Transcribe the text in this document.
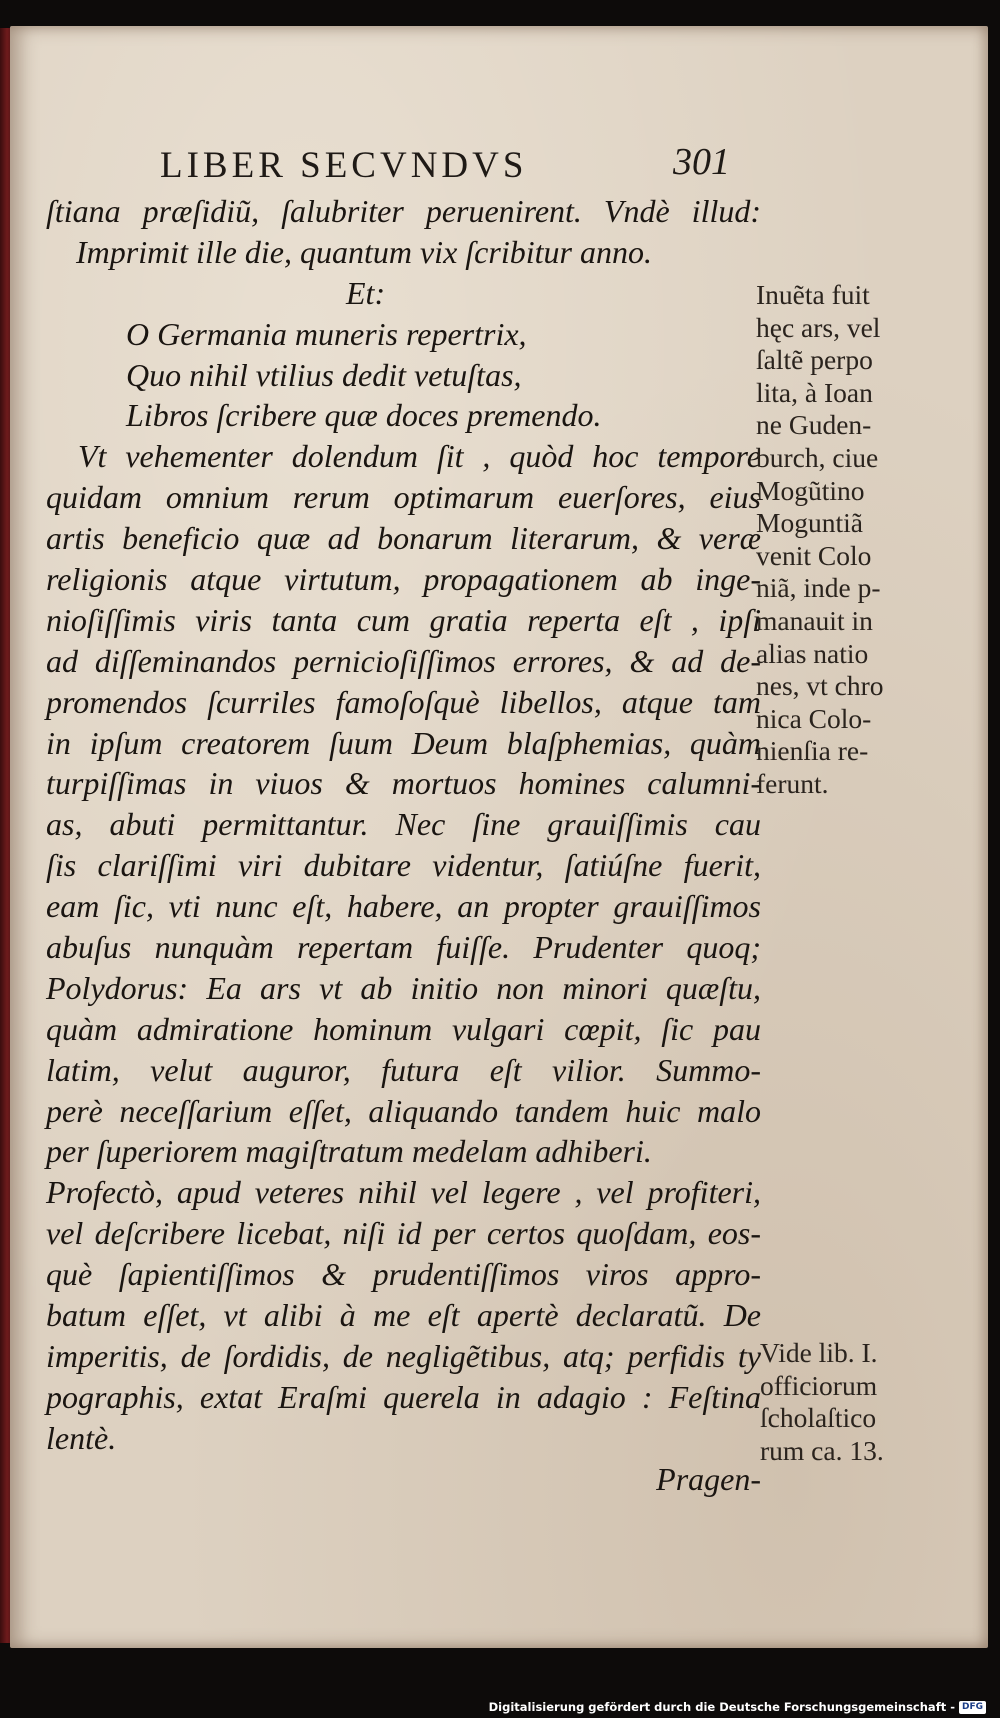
LIBER SECVNDVS	301
ſtiana præſidiũ, ſalubriter peruenirent. Vndè illud:
Imprimit ille die, quantum vix ſcribitur anno.
Et:
O Germania muneris repertrix,
Quo nihil vtilius dedit vetuſtas,
Libros ſcribere quæ doces premendo.
Vt vehementer dolendum ſit , quòd hoc tempore
quidam omnium rerum optimarum euerſores, eius
artis beneficio quæ ad bonarum literarum, & veræ
religionis atque virtutum, propagationem ab inge-
nioſiſſimis viris tanta cum gratia reperta eſt , ipſi
ad diſſeminandos pernicioſiſſimos errores, & ad de-
promendos ſcurriles famoſoſquè libellos, atque tam
in ipſum creatorem ſuum Deum blaſphemias, quàm
turpiſſimas in viuos & mortuos homines calumni-
as, abuti permittantur. Nec ſine grauiſſimis cau
ſis clariſſimi viri dubitare videntur, ſatiúſne fuerit,
eam ſic, vti nunc eſt, habere, an propter grauiſſimos
abuſus nunquàm repertam fuiſſe. Prudenter quoq;
Polydorus: Ea ars vt ab initio non minori quæſtu,
quàm admiratione hominum vulgari cœpit, ſic pau
latim, velut auguror, futura eſt vilior. Summo-
perè neceſſarium eſſet, aliquando tandem huic malo
per ſuperiorem magiſtratum medelam adhiberi.
Profectò, apud veteres nihil vel legere , vel profiteri,
vel deſcribere licebat, niſi id per certos quoſdam, eos-
què ſapientiſſimos & prudentiſſimos viros appro-
batum eſſet, vt alibi à me eſt apertè declaratũ. De
imperitis, de ſordidis, de negligẽtibus, atq; perfidis ty
pographis, extat Eraſmi querela in adagio : Feſtina
lentè.
Pragen-
Inuẽta fuit
hęc ars, vel
ſaltẽ perpo
lita, à Ioan
ne Guden-
burch, ciue
Mogũtino
Moguntiã
venit Colo
niã, inde p-
manauit in
alias natio
nes, vt chro
nica Colo-
nienſia re-
ferunt.
Vide lib. I.
officiorum
ſcholaſtico
rum ca. 13.
Digitalisierung gefördert durch die Deutsche Forschungsgemeinschaft - DFG
